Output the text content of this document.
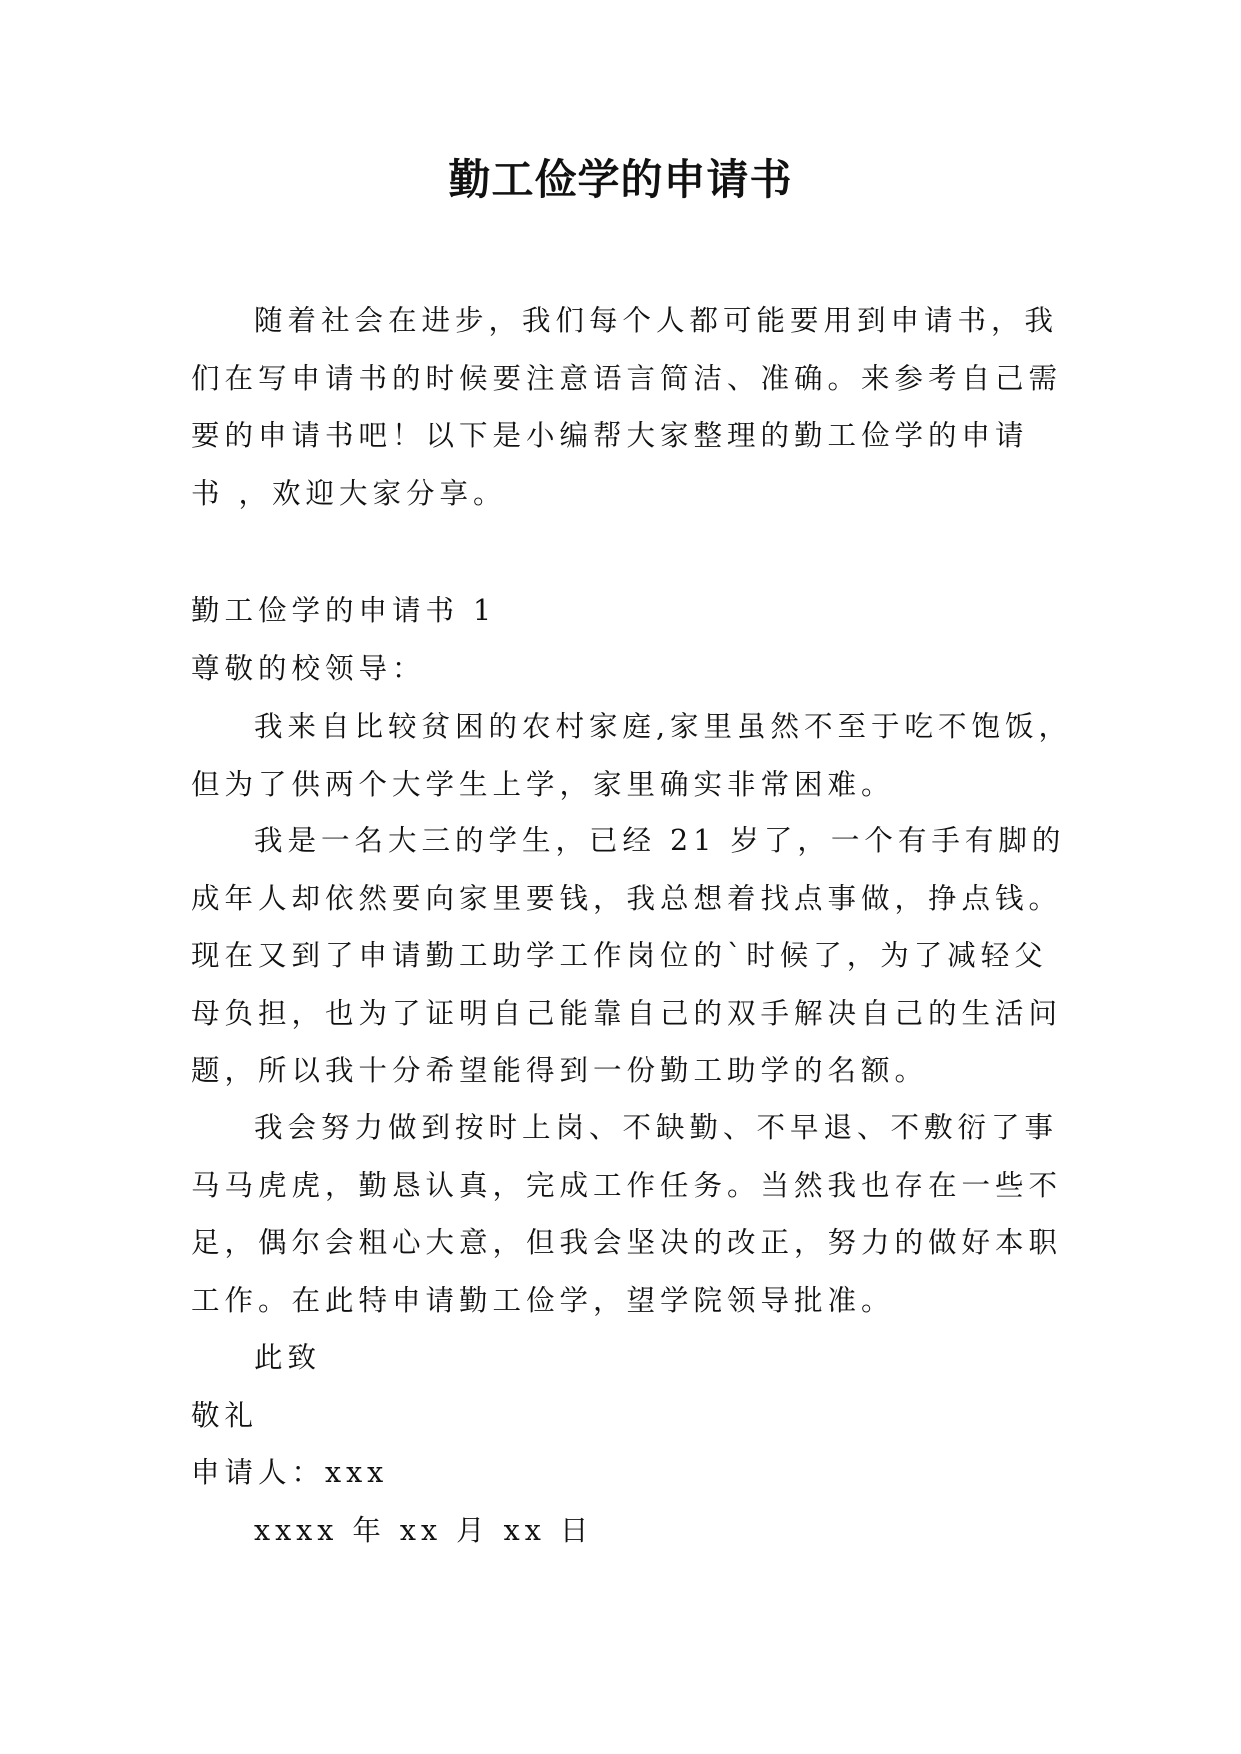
勤工俭学的申请书

随着社会在进步，我们每个人都可能要用到申请书，我

们在写申请书的时候要注意语言简洁、准确。来参考自己需

要的申请书吧！以下是小编帮大家整理的勤工俭学的申请

书 ，欢迎大家分享。

勤工俭学的申请书 1

尊敬的校领导：

我来自比较贫困的农村家庭,家里虽然不至于吃不饱饭，

但为了供两个大学生上学，家里确实非常困难。

我是一名大三的学生，已经 21 岁了，一个有手有脚的

成年人却依然要向家里要钱，我总想着找点事做，挣点钱。

现在又到了申请勤工助学工作岗位的`时候了，为了减轻父

母负担，也为了证明自己能靠自己的双手解决自己的生活问

题，所以我十分希望能得到一份勤工助学的名额。

我会努力做到按时上岗、不缺勤、不早退、不敷衍了事

马马虎虎，勤恳认真，完成工作任务。当然我也存在一些不

足，偶尔会粗心大意，但我会坚决的改正，努力的做好本职

工作。在此特申请勤工俭学，望学院领导批准。

此致

敬礼

申请人：xxx

xxxx 年 xx 月 xx 日
